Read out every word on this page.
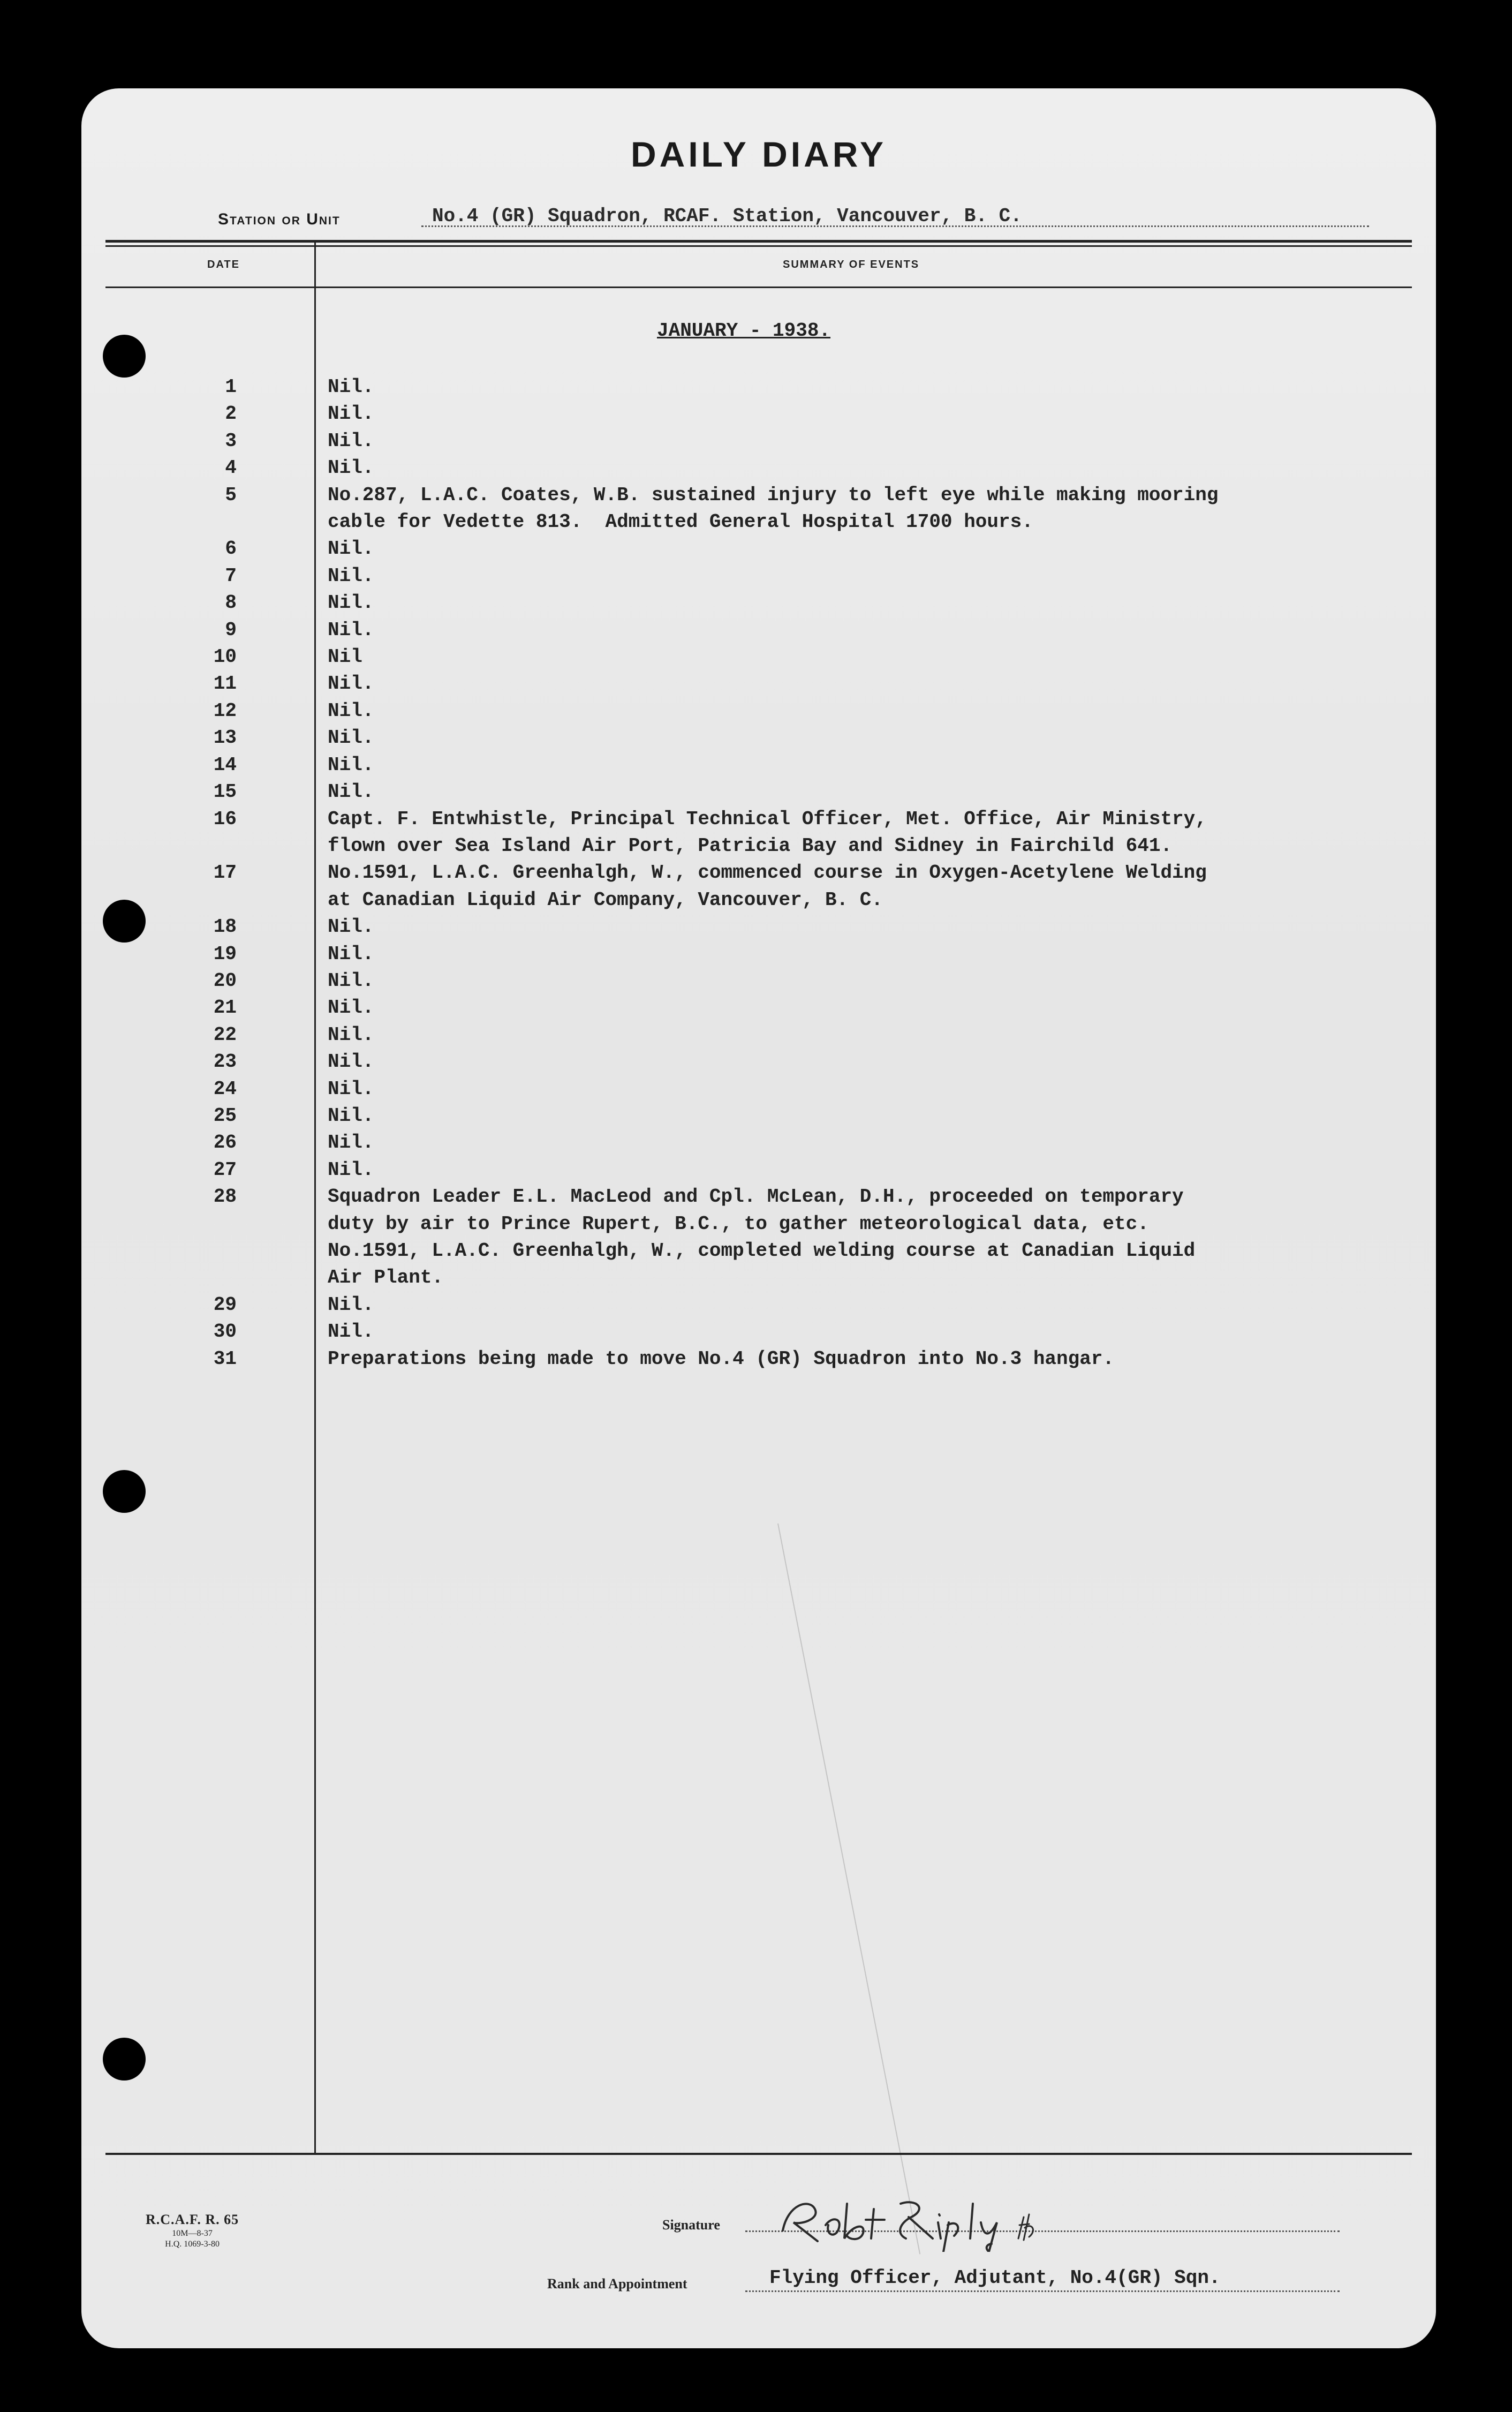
DAILY DIARY
Station or Unit	No.4 (GR) Squadron, RCAF. Station, Vancouver, B. C.
DATE	SUMMARY OF EVENTS
JANUARY - 1938.
1	Nil.
2	Nil.
3	Nil.
4	Nil.
5	No.287, L.A.C. Coates, W.B. sustained injury to left eye while making mooring
cable for Vedette 813.  Admitted General Hospital 1700 hours.
6	Nil.
7	Nil.
8	Nil.
9	Nil.
10	Nil
11	Nil.
12	Nil.
13	Nil.
14	Nil.
15	Nil.
16	Capt. F. Entwhistle, Principal Technical Officer, Met. Office, Air Ministry,
flown over Sea Island Air Port, Patricia Bay and Sidney in Fairchild 641.
17	No.1591, L.A.C. Greenhalgh, W., commenced course in Oxygen-Acetylene Welding
at Canadian Liquid Air Company, Vancouver, B. C.
18	Nil.
19	Nil.
20	Nil.
21	Nil.
22	Nil.
23	Nil.
24	Nil.
25	Nil.
26	Nil.
27	Nil.
28	Squadron Leader E.L. MacLeod and Cpl. McLean, D.H., proceeded on temporary
duty by air to Prince Rupert, B.C., to gather meteorological data, etc.
No.1591, L.A.C. Greenhalgh, W., completed welding course at Canadian Liquid
Air Plant.
29	Nil.
30	Nil.
31	Preparations being made to move No.4 (GR) Squadron into No.3 hangar.
R.C.A.F. R. 65
10M—8-37
H.Q. 1069-3-80
Signature
Rank and Appointment	Flying Officer, Adjutant, No.4(GR) Sqn.
